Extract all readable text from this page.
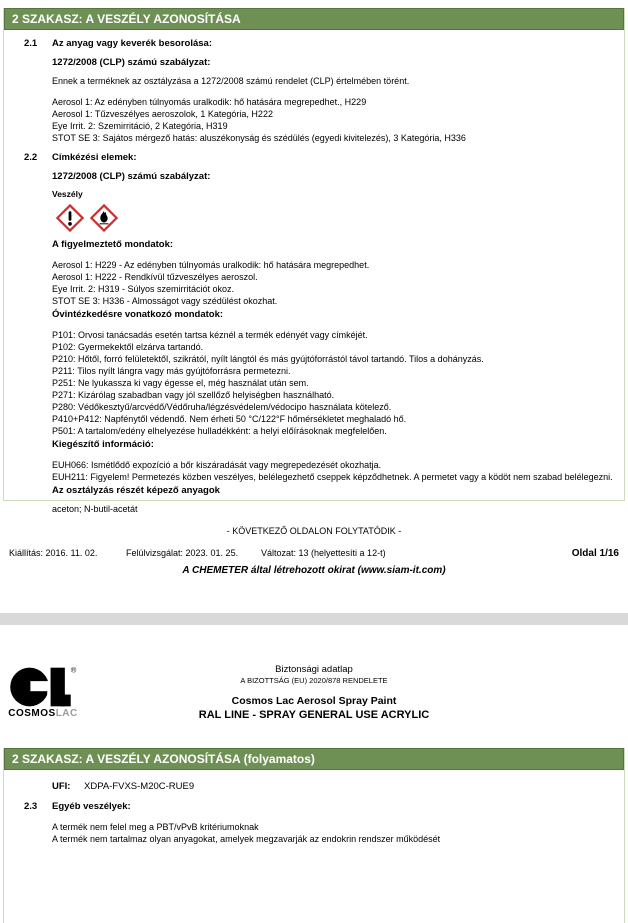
2 SZAKASZ: A VESZÉLY AZONOSÍTÁSA
2.1	Az anyag vagy keverék besorolása:
1272/2008 (CLP) számú szabályzat:
Ennek a terméknek az osztályzása a 1272/2008 számú rendelet (CLP) értelmében törént.
Aerosol 1: Az edényben túlnyomás uralkodik: hő hatására megrepedhet., H229
Aerosol 1: Tűzveszélyes aeroszolok, 1 Kategória, H222
Eye Irrit. 2: Szemirritáció, 2 Kategória, H319
STOT SE 3: Sajátos mérgező hatás: aluszékonyság és szédülés (egyedi kivitelezés), 3 Kategória, H336
2.2	Címkézési elemek:
1272/2008 (CLP) számú szabályzat:
Veszély
A figyelmeztető mondatok:
Aerosol 1: H229 - Az edényben túlnyomás uralkodik: hő hatására megrepedhet.
Aerosol 1: H222 - Rendkívül tűzveszélyes aeroszol.
Eye Irrit. 2: H319 - Súlyos szemirritációt okoz.
STOT SE 3: H336 - Almosságot vagy szédülést okozhat.
Óvintézkedésre vonatkozó mondatok:
P101: Orvosi tanácsadás esetén tartsa kéznél a termék edényét vagy címkéjét.
P102: Gyermekektől elzárva tartandó.
P210: Hőtől, forró felületektől, szikrától, nyílt lángtól és más gyújtóforrástól távol tartandó. Tilos a dohányzás.
P211: Tilos nyílt lángra vagy más gyújtóforrásra permetezni.
P251: Ne lyukassza ki vagy égesse el, még használat után sem.
P271: Kizárólag szabadban vagy jól szellőző helyiségben használható.
P280: Védőkesztyű/arcvédő/Védőruha/légzésvédelem/védocipo használata kötelező.
P410+P412: Napfénytől védendő. Nem érheti 50 °C/122°F hőmérsékletet meghaladó hő.
P501: A tartalom/edény elhelyezése hulladékként: a helyi előírásoknak megfelelően.
Kiegészítő információ:
EUH066: Ismétlődő expozíció a bőr kiszáradását vagy megrepedezését okozhatja.
EUH211: Figyelem! Permetezés közben veszélyes, belélegezhető cseppek képződhetnek. A permetet vagy a ködöt nem szabad belélegezni.
Az osztályzás részét képező anyagok
aceton; N-butil-acetát
- KÖVETKEZŐ OLDALON FOLYTATÓDIK -
Kiállítás: 2016. 11. 02.	Felülvizsgálat: 2023. 01. 25.	Változat: 13 (helyettesíti a 12-t)	Oldal 1/16
A CHEMETER által létrehozott okirat (www.siam-it.com)
®
COSMOSLAC
Biztonsági adatlap
A BIZOTTSÁG (EU) 2020/878 RENDELETE
Cosmos Lac Aerosol Spray Paint
RAL LINE - SPRAY GENERAL USE ACRYLIC
2 SZAKASZ: A VESZÉLY AZONOSÍTÁSA (folyamatos)
UFI:	XDPA-FVXS-M20C-RUE9
2.3	Egyéb veszélyek:
A termék nem felel meg a PBT/vPvB kritériumoknak
A termék nem tartalmaz olyan anyagokat, amelyek megzavarják az endokrin rendszer működését
